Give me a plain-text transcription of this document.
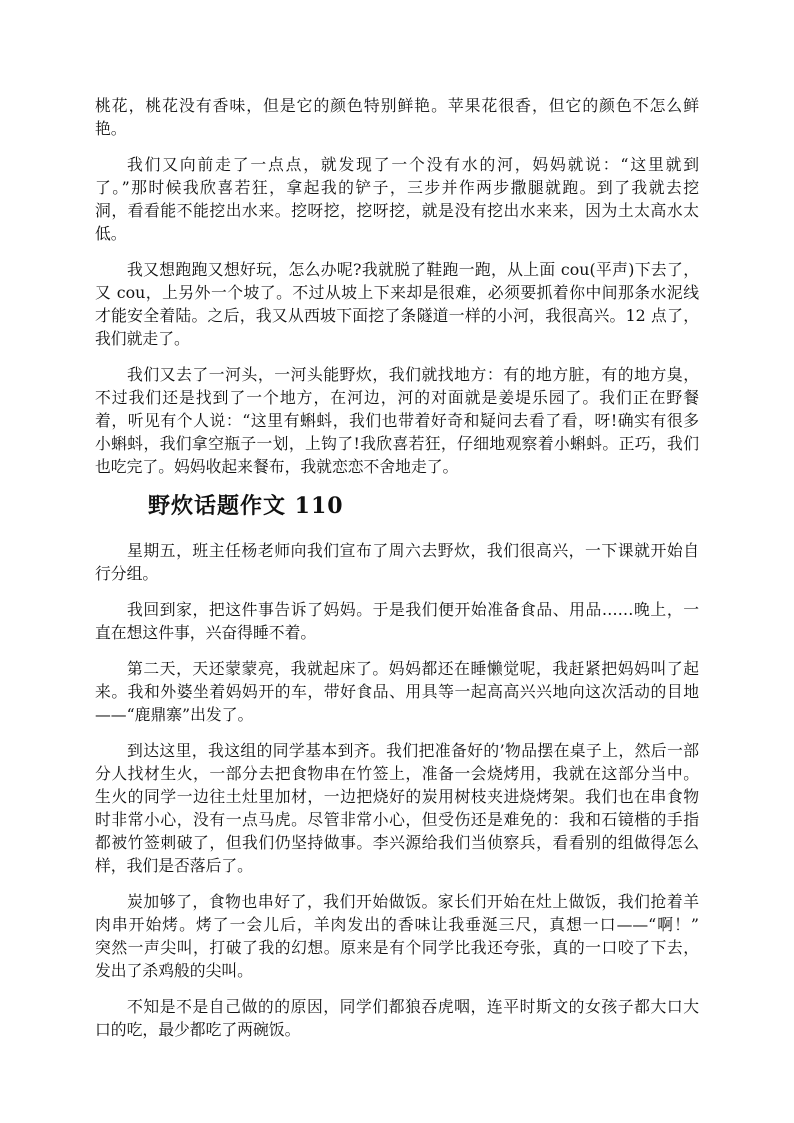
桃花，桃花没有香味，但是它的颜色特别鲜艳。苹果花很香，但它的颜色不怎么鲜
艳。
我们又向前走了一点点，就发现了一个没有水的河，妈妈就说：“这里就到
了。”那时候我欣喜若狂，拿起我的铲子，三步并作两步撒腿就跑。到了我就去挖
洞，看看能不能挖出水来。挖呀挖，挖呀挖，就是没有挖出水来来，因为土太高水太
低。
我又想跑跑又想好玩，怎么办呢?我就脱了鞋跑一跑，从上面 cou(平声)下去了，
又 cou，上另外一个坡了。不过从坡上下来却是很难，必须要抓着你中间那条水泥线
才能安全着陆。之后，我又从西坡下面挖了条隧道一样的小河，我很高兴。12 点了，
我们就走了。
我们又去了一河头，一河头能野炊，我们就找地方：有的地方脏，有的地方臭，
不过我们还是找到了一个地方，在河边，河的对面就是姜堤乐园了。我们正在野餐
着，听见有个人说：“这里有蝌蚪，我们也带着好奇和疑问去看了看，呀!确实有很多
小蝌蚪，我们拿空瓶子一划，上钩了!我欣喜若狂，仔细地观察着小蝌蚪。正巧，我们
也吃完了。妈妈收起来餐布，我就恋恋不舍地走了。
野炊话题作文 110
星期五，班主任杨老师向我们宣布了周六去野炊，我们很高兴，一下课就开始自
行分组。
我回到家，把这件事告诉了妈妈。于是我们便开始准备食品、用品……晚上，一
直在想这件事，兴奋得睡不着。
第二天，天还蒙蒙亮，我就起床了。妈妈都还在睡懒觉呢，我赶紧把妈妈叫了起
来。我和外婆坐着妈妈开的车，带好食品、用具等一起高高兴兴地向这次活动的目地
——“鹿鼎寨”出发了。
到达这里，我这组的同学基本到齐。我们把准备好的’物品摆在桌子上，然后一部
分人找材生火，一部分去把食物串在竹签上，准备一会烧烤用，我就在这部分当中。
生火的同学一边往土灶里加材，一边把烧好的炭用树枝夹进烧烤架。我们也在串食物
时非常小心，没有一点马虎。尽管非常小心，但受伤还是难免的：我和石镜楷的手指
都被竹签刺破了，但我们仍坚持做事。李兴源给我们当侦察兵，看看别的组做得怎么
样，我们是否落后了。
炭加够了，食物也串好了，我们开始做饭。家长们开始在灶上做饭，我们抢着羊
肉串开始烤。烤了一会儿后，羊肉发出的香味让我垂涎三尺，真想一口——“啊！”
突然一声尖叫，打破了我的幻想。原来是有个同学比我还夸张，真的一口咬了下去，
发出了杀鸡般的尖叫。
不知是不是自己做的的原因，同学们都狼吞虎咽，连平时斯文的女孩子都大口大
口的吃，最少都吃了两碗饭。
